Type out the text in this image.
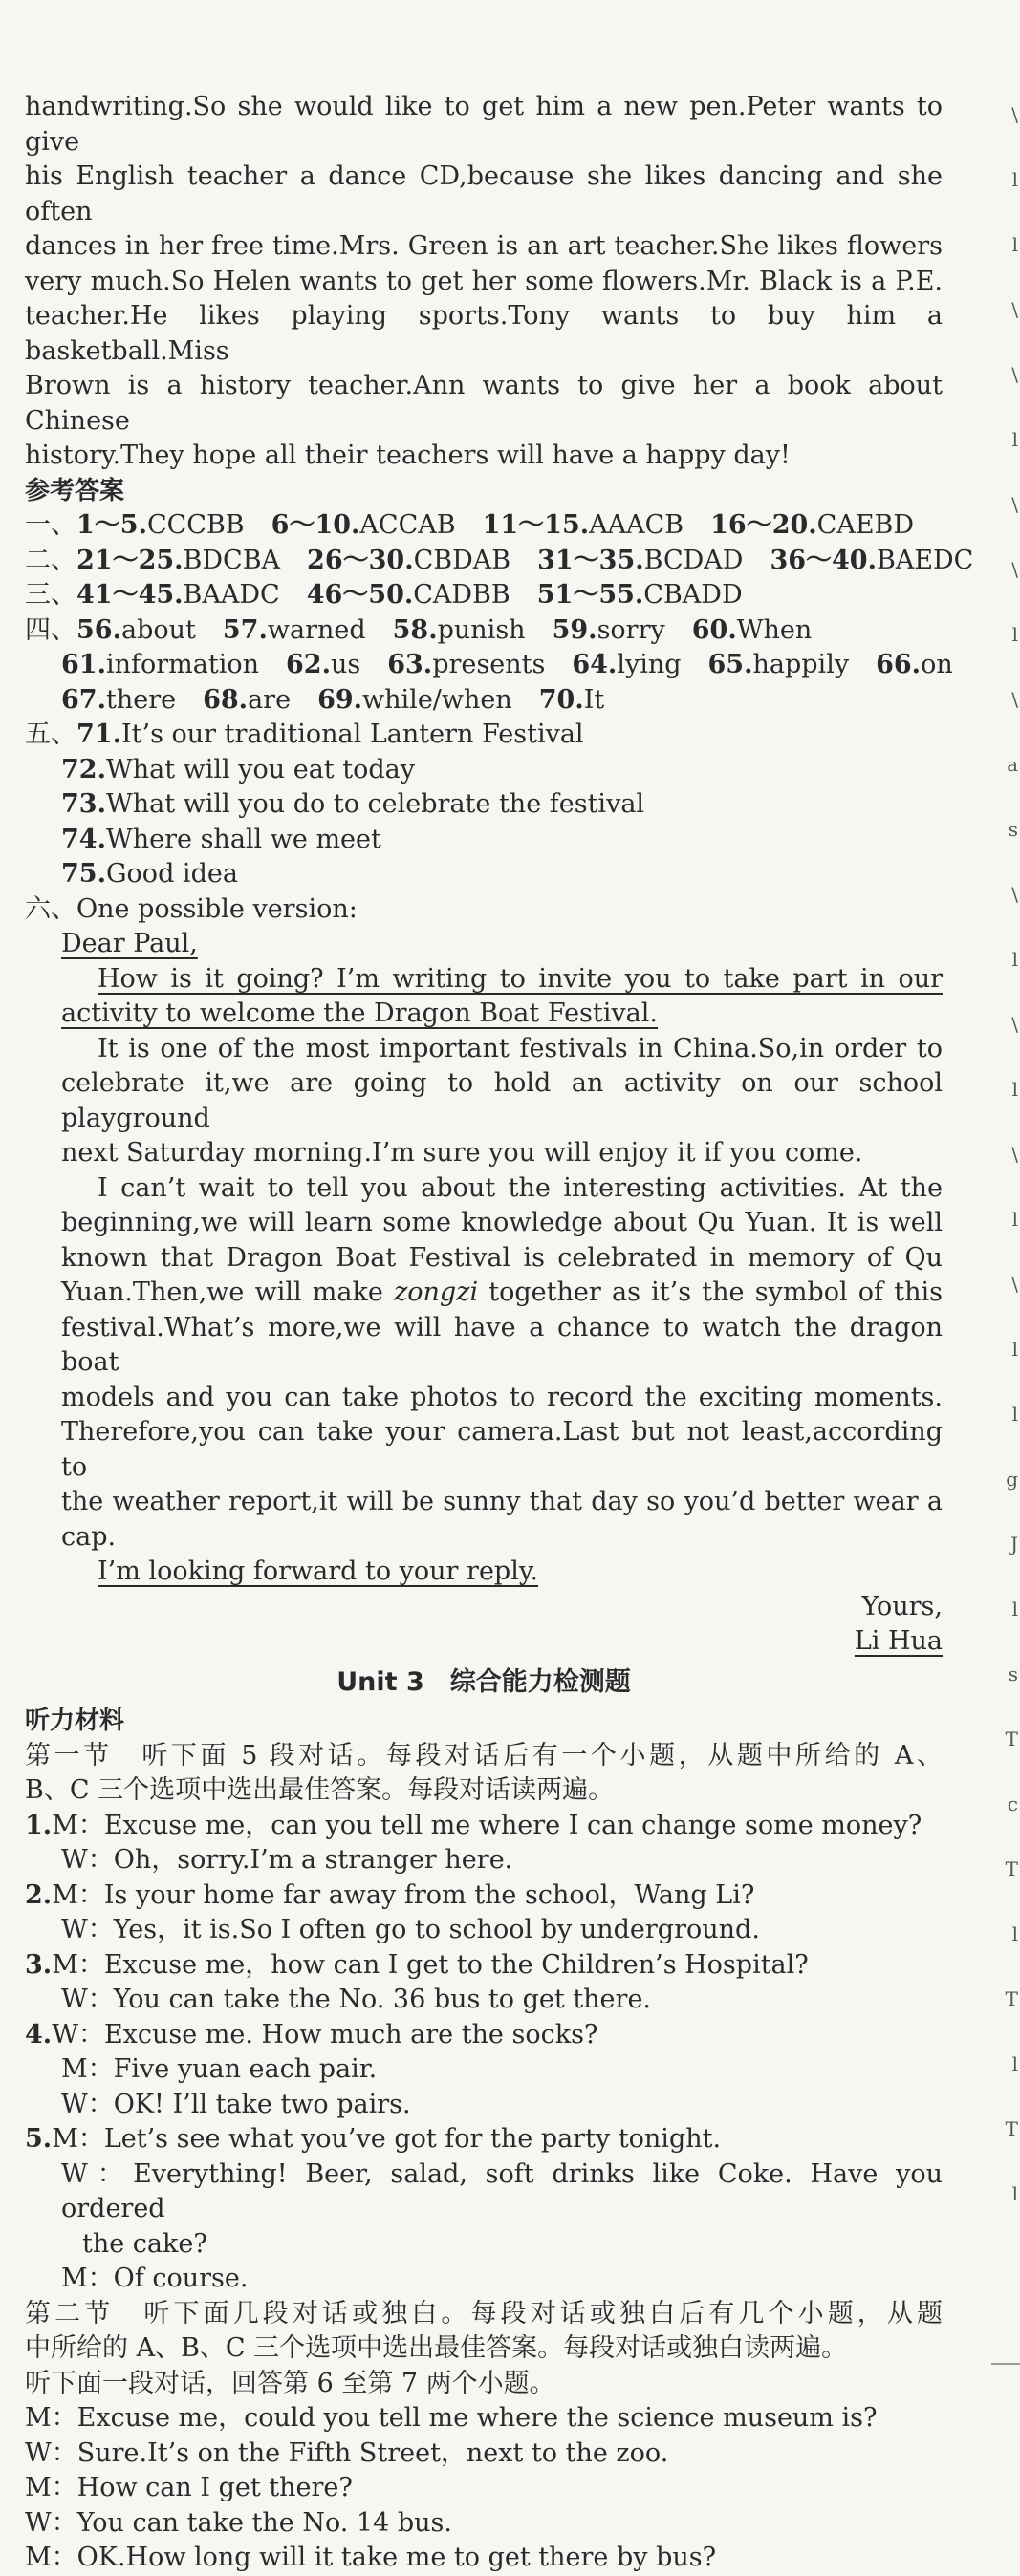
\
l
l
\
\
l
\
\
l
\
a
s
\
l
\
l
\
l
\
l
l
g
J
l
s
T
c
T
l
T
l
T
l

handwriting.So she would like to get him a new pen.Peter wants to give

his English teacher a dance CD,because she likes dancing and she often

dances in her free time.Mrs. Green is an art teacher.She likes flowers

very much.So Helen wants to get her some flowers.Mr. Black is a P.E.

teacher.He likes playing sports.Tony wants to buy him a basketball.Miss

Brown is a history teacher.Ann wants to give her a book about Chinese

history.They hope all their teachers will have a happy day!

参考答案

一、 1～5.CCCBB 6～10.ACCAB 11～15.AAACB 16～20.CAEBD
二、 21～25.BDCBA 26～30.CBDAB 31～35.BCDAD 36～40.BAEDC
三、 41～45.BAADC 46～50.CADBB 51～55.CBADD
四、 56.about 57.warned 58.punish 59.sorry 60.When
61.information 62.us 63.presents 64.lying 65.happily 66.on
67.there 68.are 69.while/when 70.It
五、 71. It’s our traditional Lantern Festival

72.What will you eat today

73.What will you do to celebrate the festival

74.Where shall we meet

75.Good idea

六、One possible version:

Dear Paul,

How is it going? I’m writing to invite you to take part in our

activity to welcome the Dragon Boat Festival.

It is one of the most important festivals in China.So,in order to

celebrate it,we are going to hold an activity on our school playground

next Saturday morning.I’m sure you will enjoy it if you come.

I can’t wait to tell you about the interesting activities. At the

beginning,we will learn some knowledge about Qu Yuan. It is well

known that Dragon Boat Festival is celebrated in memory of Qu

Yuan.Then,we will make zongzi together as it’s the symbol of this

festival.What’s more,we will have a chance to watch the dragon boat

models and you can take photos to record the exciting moments.

Therefore,you can take your camera.Last but not least,according to

the weather report,it will be sunny that day so you’d better wear a

cap.

I’m looking forward to your reply.

Yours,

Li Hua

Unit 3　综合能力检测题

听力材料

第一节　听下面 5 段对话。每段对话后有一个小题，从题中所给的 A、

B、C 三个选项中选出最佳答案。每段对话读两遍。

1.M：Excuse me，can you tell me where I can change some money?

W：Oh，sorry.I’m a stranger here.

2.M：Is your home far away from the school，Wang Li?

W：Yes，it is.So I often go to school by underground.

3.M：Excuse me，how can I get to the Children’s Hospital?

W：You can take the No. 36 bus to get there.

4.W：Excuse me. How much are the socks?

M：Five yuan each pair.

W：OK! I’ll take two pairs.

5.M：Let’s see what you’ve got for the party tonight.

W：Everything! Beer, salad, soft drinks like Coke. Have you ordered

the cake?

M：Of course.

第二节　听下面几段对话或独白。每段对话或独白后有几个小题，从题

中所给的 A、B、C 三个选项中选出最佳答案。每段对话或独白读两遍。

听下面一段对话，回答第 6 至第 7 两个小题。

M：Excuse me，could you tell me where the science museum is?

W：Sure.It’s on the Fifth Street，next to the zoo.

M：How can I get there?

W：You can take the No. 14 bus.

M：OK.How long will it take me to get there by bus?
